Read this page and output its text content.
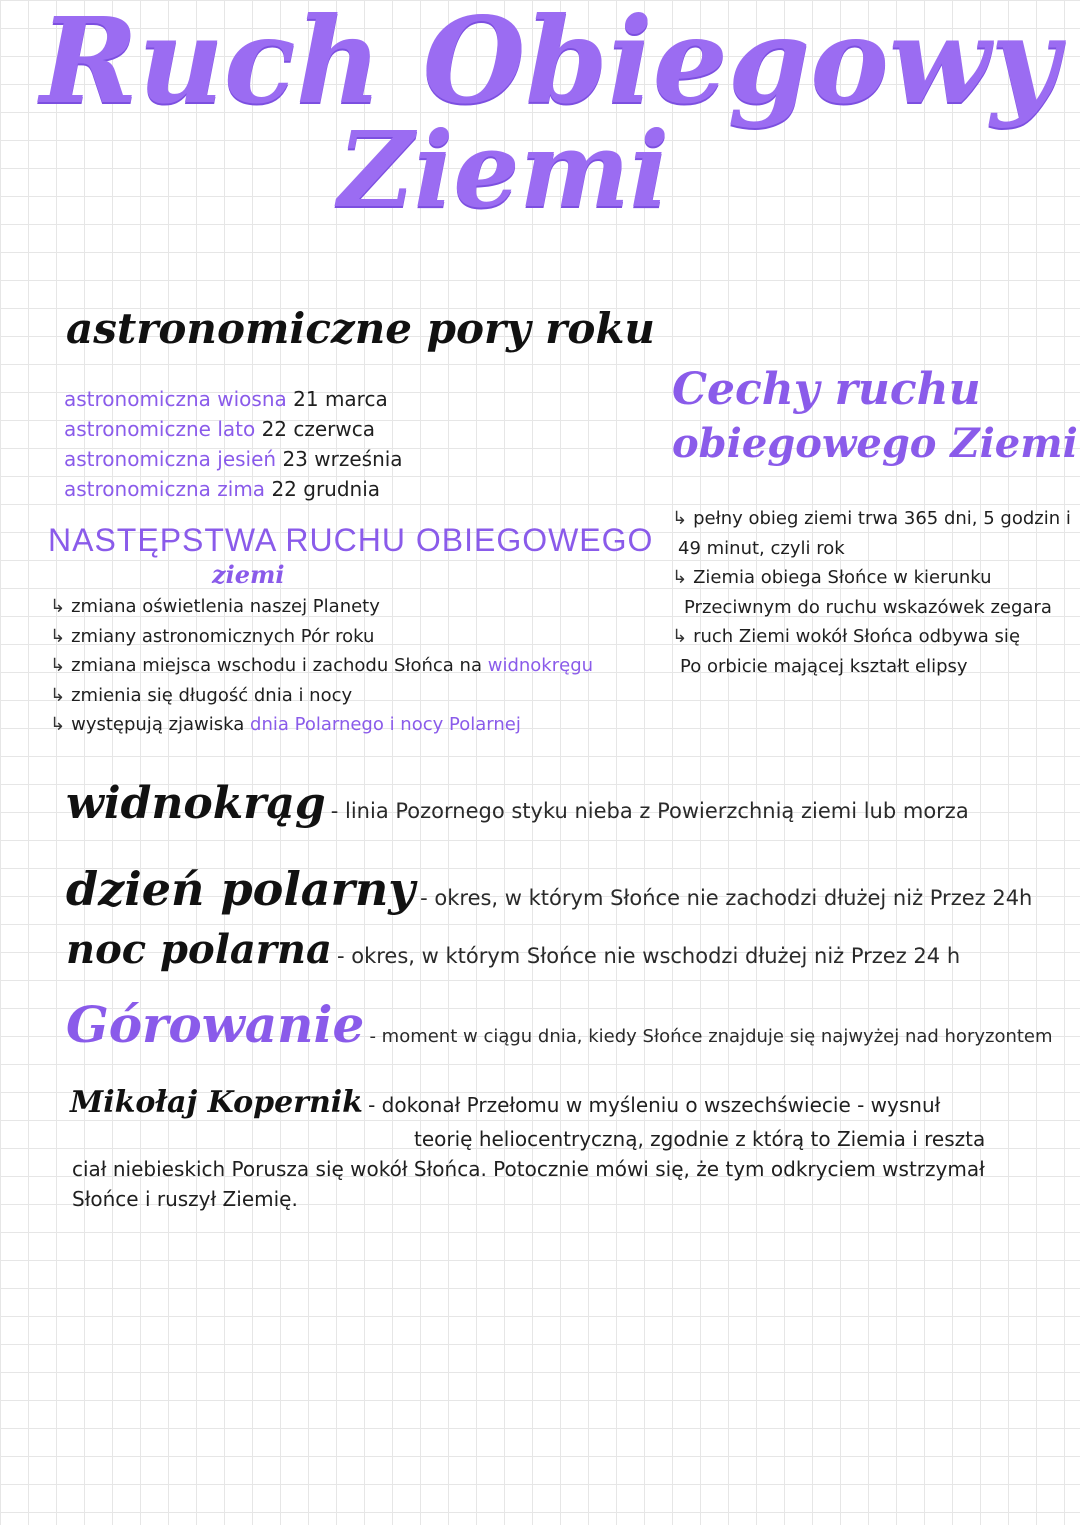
Ruch Obiegowy
Ziemi
astronomiczne pory roku
astronomiczna wiosna 21 marca
astronomiczne lato 22 czerwca
astronomiczna jesień 23 września
astronomiczna zima 22 grudnia
NASTĘPSTWA RUCHU OBIEGOWEGO
ziemi
↳ zmiana oświetlenia naszej Planety
↳ zmiany astronomicznych Pór roku
↳ zmiana miejsca wschodu i zachodu Słońca na widnokręgu
↳ zmienia się długość dnia i nocy
↳ występują zjawiska dnia Polarnego i nocy Polarnej
Cechy ruchu
obiegowego Ziemi
↳ pełny obieg ziemi trwa 365 dni, 5 godzin i
49 minut, czyli rok
↳ Ziemia obiega Słońce w kierunku
Przeciwnym do ruchu wskazówek zegara
↳ ruch Ziemi wokół Słońca odbywa się
Po orbicie mającej kształt elipsy
widnokrąg - linia Pozornego styku nieba z Powierzchnią ziemi lub morza
dzień polarny - okres, w którym Słońce nie zachodzi dłużej niż Przez 24h
noc polarna - okres, w którym Słońce nie wschodzi dłużej niż Przez 24 h
Górowanie - moment w ciągu dnia, kiedy Słońce znajduje się najwyżej nad horyzontem
Mikołaj Kopernik - dokonał Przełomu w myśleniu o wszechświecie - wysnuł
teorię heliocentryczną, zgodnie z którą to Ziemia i reszta
ciał niebieskich Porusza się wokół Słońca. Potocznie mówi się, że tym odkryciem wstrzymał
Słońce i ruszył Ziemię.
